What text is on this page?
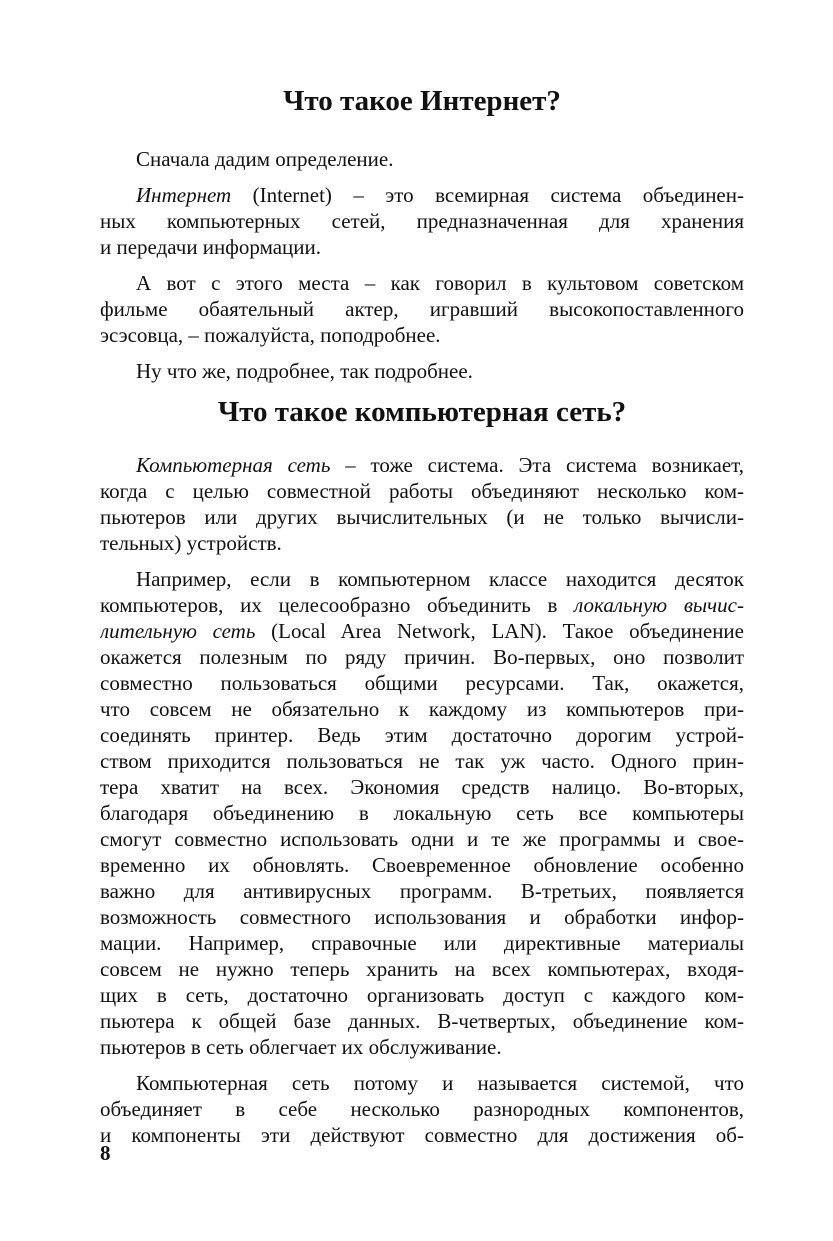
Что такое Интернет?
Сначала дадим определение.
Интернет (Internet) – это всемирная система объединен-
ных компьютерных сетей, предназначенная для хранения
и передачи информации.
А вот с этого места – как говорил в культовом советском
фильме обаятельный актер, игравший высокопоставленного
эсэсовца, – пожалуйста, поподробнее.
Ну что же, подробнее, так подробнее.
Что такое компьютерная сеть?
Компьютерная сеть – тоже система. Эта система возникает,
когда с целью совместной работы объединяют несколько ком-
пьютеров или других вычислительных (и не только вычисли-
тельных) устройств.
Например, если в компьютерном классе находится десяток
компьютеров, их целесообразно объединить в локальную вычис-
лительную сеть (Local Area Network, LAN). Такое объединение
окажется полезным по ряду причин. Во-первых, оно позволит
совместно пользоваться общими ресурсами. Так, окажется,
что совсем не обязательно к каждому из компьютеров при-
соединять принтер. Ведь этим достаточно дорогим устрой-
ством приходится пользоваться не так уж часто. Одного прин-
тера хватит на всех. Экономия средств налицо. Во-вторых,
благодаря объединению в локальную сеть все компьютеры
смогут совместно использовать одни и те же программы и свое-
временно их обновлять. Своевременное обновление особенно
важно для антивирусных программ. В-третьих, появляется
возможность совместного использования и обработки инфор-
мации. Например, справочные или директивные материалы
совсем не нужно теперь хранить на всех компьютерах, входя-
щих в сеть, достаточно организовать доступ с каждого ком-
пьютера к общей базе данных. В-четвертых, объединение ком-
пьютеров в сеть облегчает их обслуживание.
Компьютерная сеть потому и называется системой, что
объединяет в себе несколько разнородных компонентов,
и компоненты эти действуют совместно для достижения об-
8
